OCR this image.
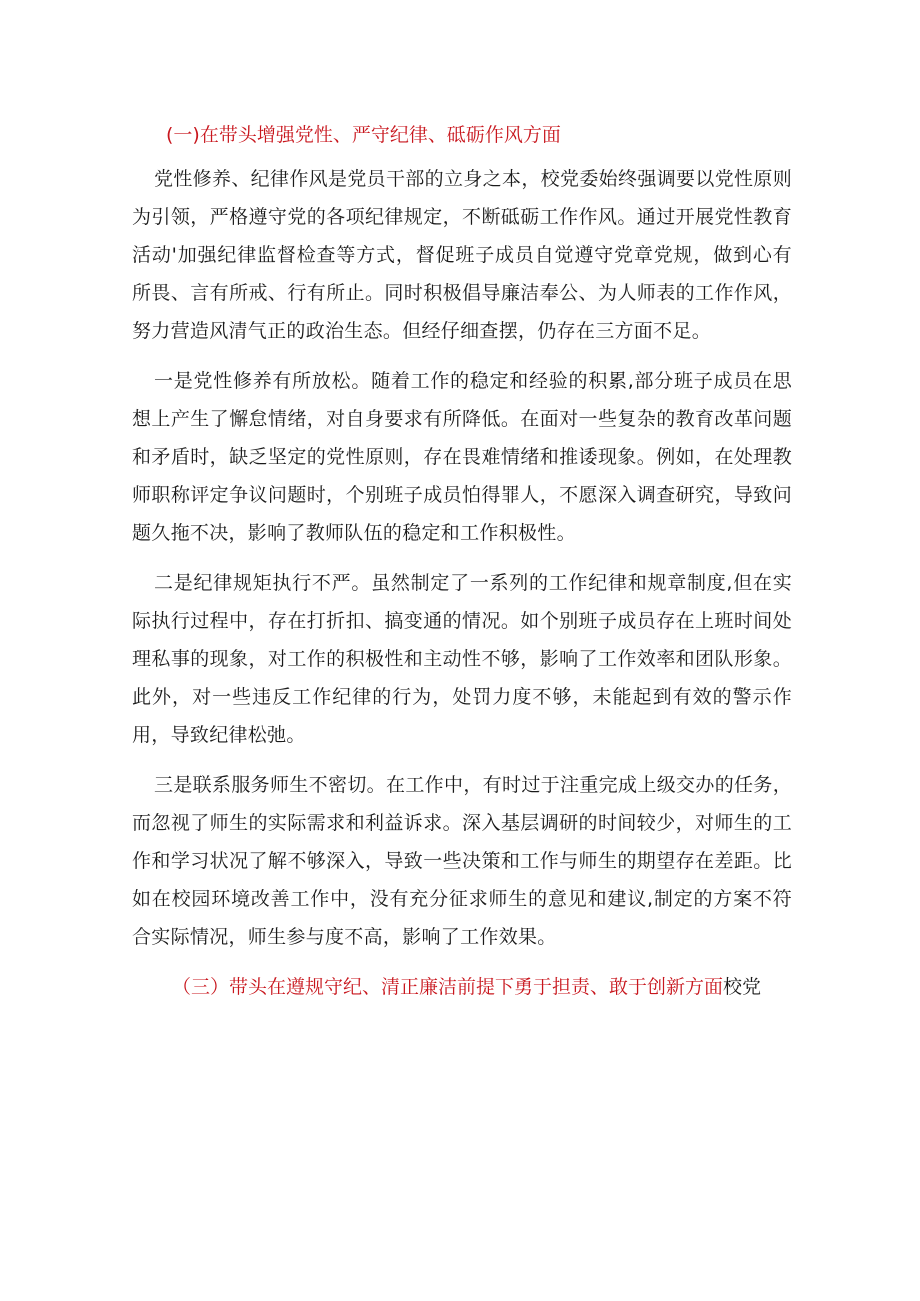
(一)在带头增强党性、严守纪律、砥砺作风方面

党性修养、纪律作风是党员干部的立身之本，校党委始终强调要以党性原则为引领，严格遵守党的各项纪律规定，不断砥砺工作作风。通过开展党性教育活动'加强纪律监督检查等方式，督促班子成员自觉遵守党章党规，做到心有所畏、言有所戒、行有所止。同时积极倡导廉洁奉公、为人师表的工作作风，努力营造风清气正的政治生态。但经仔细查摆，仍存在三方面不足。

一是党性修养有所放松。随着工作的稳定和经验的积累,部分班子成员在思想上产生了懈怠情绪，对自身要求有所降低。在面对一些复杂的教育改革问题和矛盾时，缺乏坚定的党性原则，存在畏难情绪和推诿现象。例如，在处理教师职称评定争议问题时，个别班子成员怕得罪人，不愿深入调查研究，导致问题久拖不决，影响了教师队伍的稳定和工作积极性。

二是纪律规矩执行不严。虽然制定了一系列的工作纪律和规章制度,但在实际执行过程中，存在打折扣、搞变通的情况。如个别班子成员存在上班时间处理私事的现象，对工作的积极性和主动性不够，影响了工作效率和团队形象。此外，对一些违反工作纪律的行为，处罚力度不够，未能起到有效的警示作用，导致纪律松弛。

三是联系服务师生不密切。在工作中，有时过于注重完成上级交办的任务，而忽视了师生的实际需求和利益诉求。深入基层调研的时间较少，对师生的工作和学习状况了解不够深入，导致一些决策和工作与师生的期望存在差距。比如在校园环境改善工作中，没有充分征求师生的意见和建议,制定的方案不符合实际情况，师生参与度不高，影响了工作效果。

（三）带头在遵规守纪、清正廉洁前提下勇于担责、敢于创新方面校党
